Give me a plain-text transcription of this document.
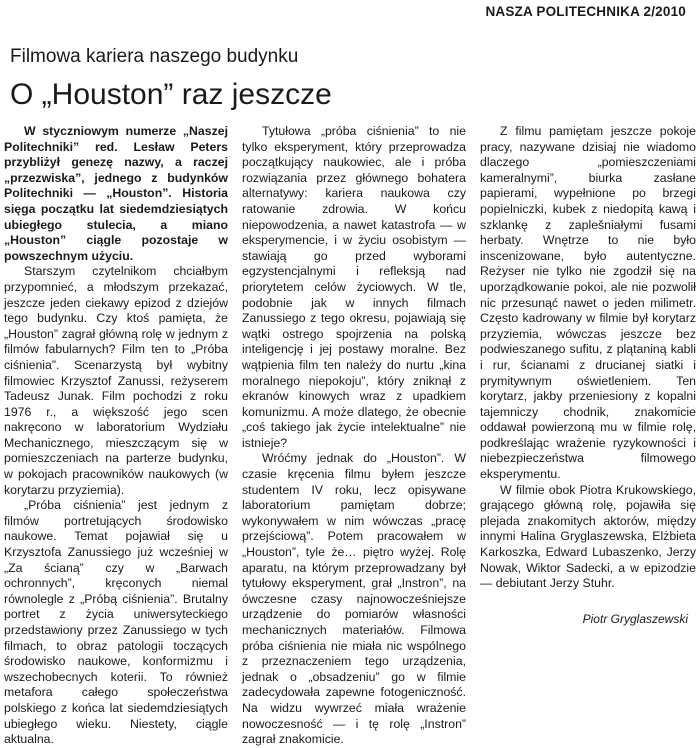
NASZA POLITECHNIKA 2/2010
Filmowa kariera naszego budynku
O „Houston” raz jeszcze

W styczniowym numerze „Naszej Politechniki” red. Lesław Peters przybliżył genezę nazwy, a raczej „przezwiska”, jednego z budynków Politechniki — „Houston”. Historia sięga początku lat siedemdziesiątych ubiegłego stulecia, a miano „Houston” ciągle pozostaje w powszechnym użyciu.

Starszym czytelnikom chciałbym przypomnieć, a młodszym przekazać, jeszcze jeden ciekawy epizod z dziejów tego budynku. Czy ktoś pamięta, że „Houston” zagrał główną rolę w jednym z filmów fabularnych? Film ten to „Próba ciśnienia”. Scenarzystą był wybitny filmowiec Krzysztof Zanussi, reżyserem Tadeusz Junak. Film pochodzi z roku 1976 r., a większość jego scen nakręcono w laboratorium Wydziału Mechanicznego, mieszczącym się w pomieszczeniach na parterze budynku, w pokojach pracowników naukowych (w korytarzu przyziemia).

„Próba ciśnienia” jest jednym z filmów portretujących środowisko naukowe. Temat pojawiał się u Krzysztofa Zanussiego już wcześniej w „Za ścianą” czy w „Barwach ochronnych”, kręconych niemal równolegle z „Próbą ciśnienia”. Brutalny portret z życia uniwersyteckiego przedstawiony przez Zanussiego w tych filmach, to obraz patologii toczących środowisko naukowe, konformizmu i wszechobecnych koterii. To również metafora całego społeczeństwa polskiego z końca lat siedemdziesiątych ubiegłego wieku. Niestety, ciągle aktualna.

Tytułowa „próba ciśnienia” to nie tylko eksperyment, który przeprowadza początkujący naukowiec, ale i próba rozwiązania przez głównego bohatera alternatywy: kariera naukowa czy ratowanie zdrowia. W końcu niepowodzenia, a nawet katastrofa — w eksperymencie, i w życiu osobistym — stawiają go przed wyborami egzystencjalnymi i refleksją nad priorytetem celów życiowych. W tle, podobnie jak w innych filmach Zanussiego z tego okresu, pojawiają się wątki ostrego spojrzenia na polską inteligencję i jej postawy moralne. Bez wątpienia film ten należy do nurtu „kina moralnego niepokoju”, który zniknął z ekranów kinowych wraz z upadkiem komunizmu. A może dlatego, że obecnie „coś takiego jak życie intelektualne” nie istnieje?

Wróćmy jednak do „Houston”. W czasie kręcenia filmu byłem jeszcze studentem IV roku, lecz opisywane laboratorium pamiętam dobrze; wykonywałem w nim wówczas „pracę przejściową”. Potem pracowałem w „Houston”, tyle że… piętro wyżej. Rolę aparatu, na którym przeprowadzany był tytułowy eksperyment, grał „Instron”, na ówczesne czasy najnowocześniejsze urządzenie do pomiarów własności mechanicznych materiałów. Filmowa próba ciśnienia nie miała nic wspólnego z przeznaczeniem tego urządzenia, jednak o „obsadzeniu” go w filmie zadecydowała zapewne fotogeniczność. Na widzu wywrzeć miała wrażenie nowoczesność — i tę rolę „Instron” zagrał znakomicie.

Z filmu pamiętam jeszcze pokoje pracy, nazywane dzisiaj nie wiadomo dlaczego „pomieszczeniami kameralnymi”, biurka zasłane papierami, wypełnione po brzegi popielniczki, kubek z niedopitą kawą i szklankę z zaplešniałymi fusami herbaty. Wnętrze to nie było inscenizowane, było autentyczne. Reżyser nie tylko nie zgodził się na uporządkowanie pokoi, ale nie pozwolił nic przesunąć nawet o jeden milimetr. Często kadrowany w filmie był korytarz przyziemia, wówczas jeszcze bez podwieszanego sufitu, z plątaniną kabli i rur, ścianami z drucianej siatki i prymitywnym oświetleniem. Ten korytarz, jakby przeniesiony z kopalni tajemniczy chodnik, znakomicie oddawał powierzoną mu w filmie rolę, podkreślając wrażenie ryzykowności i niebezpieczeństwa filmowego eksperymentu.

W filmie obok Piotra Krukowskiego, grającego główną rolę, pojawiła się plejada znakomitych aktorów, między innymi Halina Gryglaszewska, Elżbieta Karkoszka, Edward Lubaszenko, Jerzy Nowak, Wiktor Sadecki, a w epizodzie — debiutant Jerzy Stuhr.

Piotr Gryglaszewski
